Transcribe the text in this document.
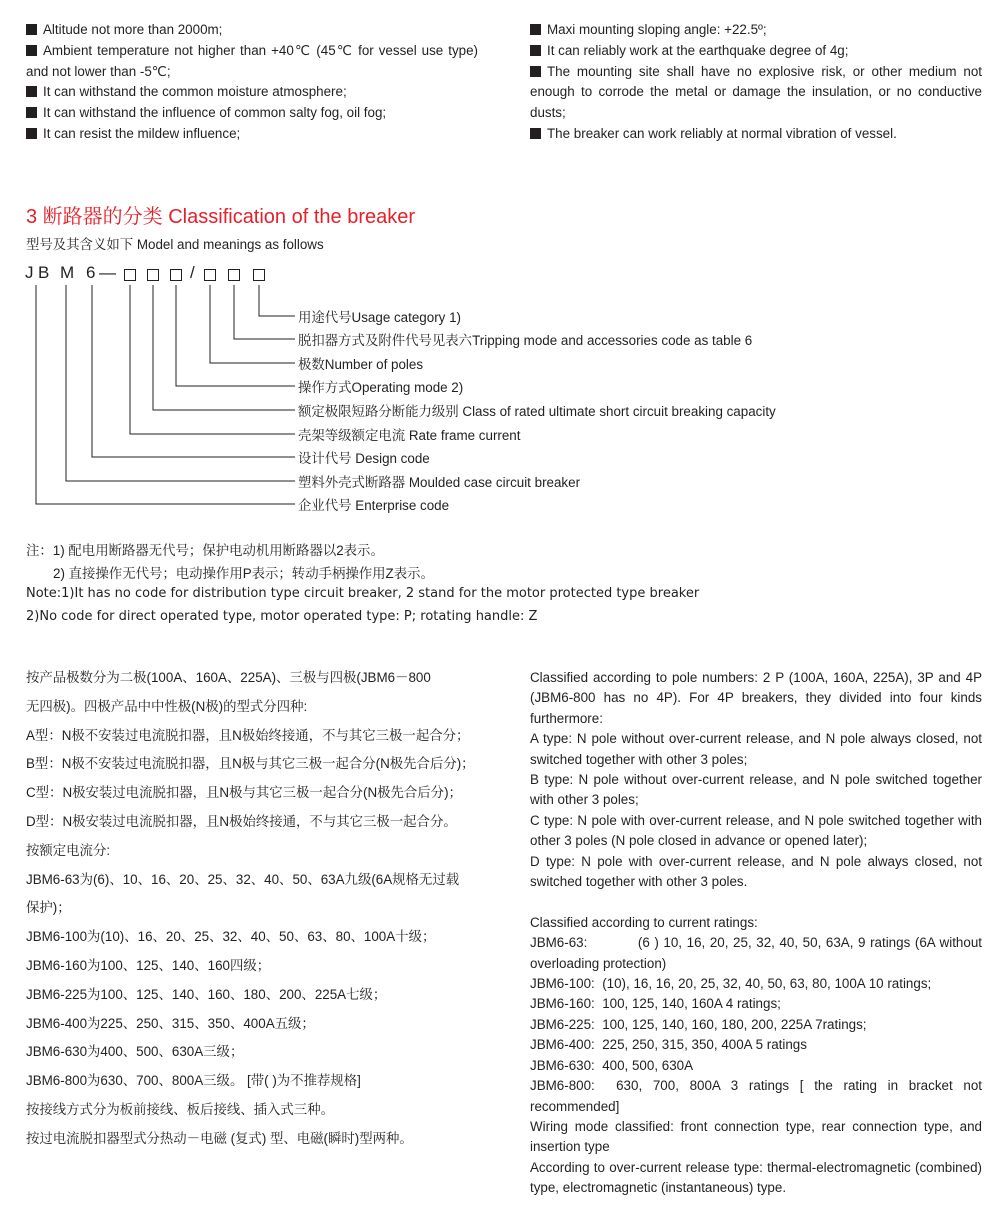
Altitude not more than 2000m;

Ambient temperature not higher than +40℃ (45℃ for vessel use type) and not lower than -5℃;

It can withstand the common moisture atmosphere;

It can withstand the influence of common salty fog, oil fog;

It can resist the mildew influence;

Maxi mounting sloping angle: +22.5º;

It can reliably work at the earthquake degree of 4g;

The mounting site shall have no explosive risk, or other medium not enough to corrode the metal or damage the insulation, or no conductive dusts;

The breaker can work reliably at normal vibration of vessel.

3 断路器的分类 Classification of the breaker
型号及其含义如下 Model and meanings as follows
J B M 6 —	/
用途代号Usage category 1)
脱扣器方式及附件代号见表六Tripping mode and accessories code as table 6
极数Number of poles
操作方式Operating mode 2)
额定极限短路分断能力级别 Class of rated ultimate short circuit breaking capacity
壳架等级额定电流 Rate frame current
设计代号 Design code
塑料外壳式断路器 Moulded case circuit breaker
企业代号 Enterprise code
注：1) 配电用断路器无代号；保护电动机用断路器以2表示。
2) 直接操作无代号；电动操作用P表示；转动手柄操作用Z表示。
Note:1)It has no code for distribution type circuit breaker, 2 stand for the motor protected type breaker
2)No code for direct operated type, motor operated type: P; rotating handle: Z

按产品极数分为二极(100A、160A、225A)、三极与四极(JBM6－800

无四极)。四极产品中中性极(N极)的型式分四种:

A型：N极不安装过电流脱扣器，且N极始终接通，不与其它三极一起合分；

B型：N极不安装过电流脱扣器，且N极与其它三极一起合分(N极先合后分)；

C型：N极安装过电流脱扣器，且N极与其它三极一起合分(N极先合后分)；

D型：N极安装过电流脱扣器，且N极始终接通，不与其它三极一起合分。

按额定电流分:

JBM6-63为(6)、10、16、20、25、32、40、50、63A九级(6A规格无过载

保护)；

JBM6-100为(10)、16、20、25、32、40、50、63、80、100A十级；

JBM6-160为100、125、140、160四级；

JBM6-225为100、125、140、160、180、200、225A七级；

JBM6-400为225、250、315、350、400A五级；

JBM6-630为400、500、630A三级；

JBM6-800为630、700、800A三级。 [带( )为不推荐规格]

按接线方式分为板前接线、板后接线、插入式三种。

按过电流脱扣器型式分热动－电磁 (复式) 型、电磁(瞬时)型两种。

Classified according to pole numbers: 2 P (100A, 160A, 225A), 3P and 4P (JBM6-800 has no 4P). For 4P breakers, they divided into four kinds furthermore:

A type: N pole without over-current release, and N pole always closed, not switched together with other 3 poles;

B type: N pole without over-current release, and N pole switched together with other 3 poles;

C type: N pole with over-current release, and N pole switched together with other 3 poles (N pole closed in advance or opened later);

D type: N pole with over-current release, and N pole always closed, not switched together with other 3 poles.

Classified according to current ratings:

JBM6-63:           (6 ) 10, 16, 20, 25, 32, 40, 50, 63A, 9 ratings (6A without overloading protection)

JBM6-100:  (10), 16, 16, 20, 25, 32, 40, 50, 63, 80, 100A 10 ratings;

JBM6-160:  100, 125, 140, 160A 4 ratings;

JBM6-225:  100, 125, 140, 160, 180, 200, 225A 7ratings;

JBM6-400:  225, 250, 315, 350, 400A 5 ratings

JBM6-630:  400, 500, 630A

JBM6-800:  630, 700, 800A 3 ratings [ the rating in bracket not recommended]

Wiring mode classified: front connection type, rear connection type, and insertion type

According to over-current release type: thermal-electromagnetic (combined) type, electromagnetic (instantaneous) type.
